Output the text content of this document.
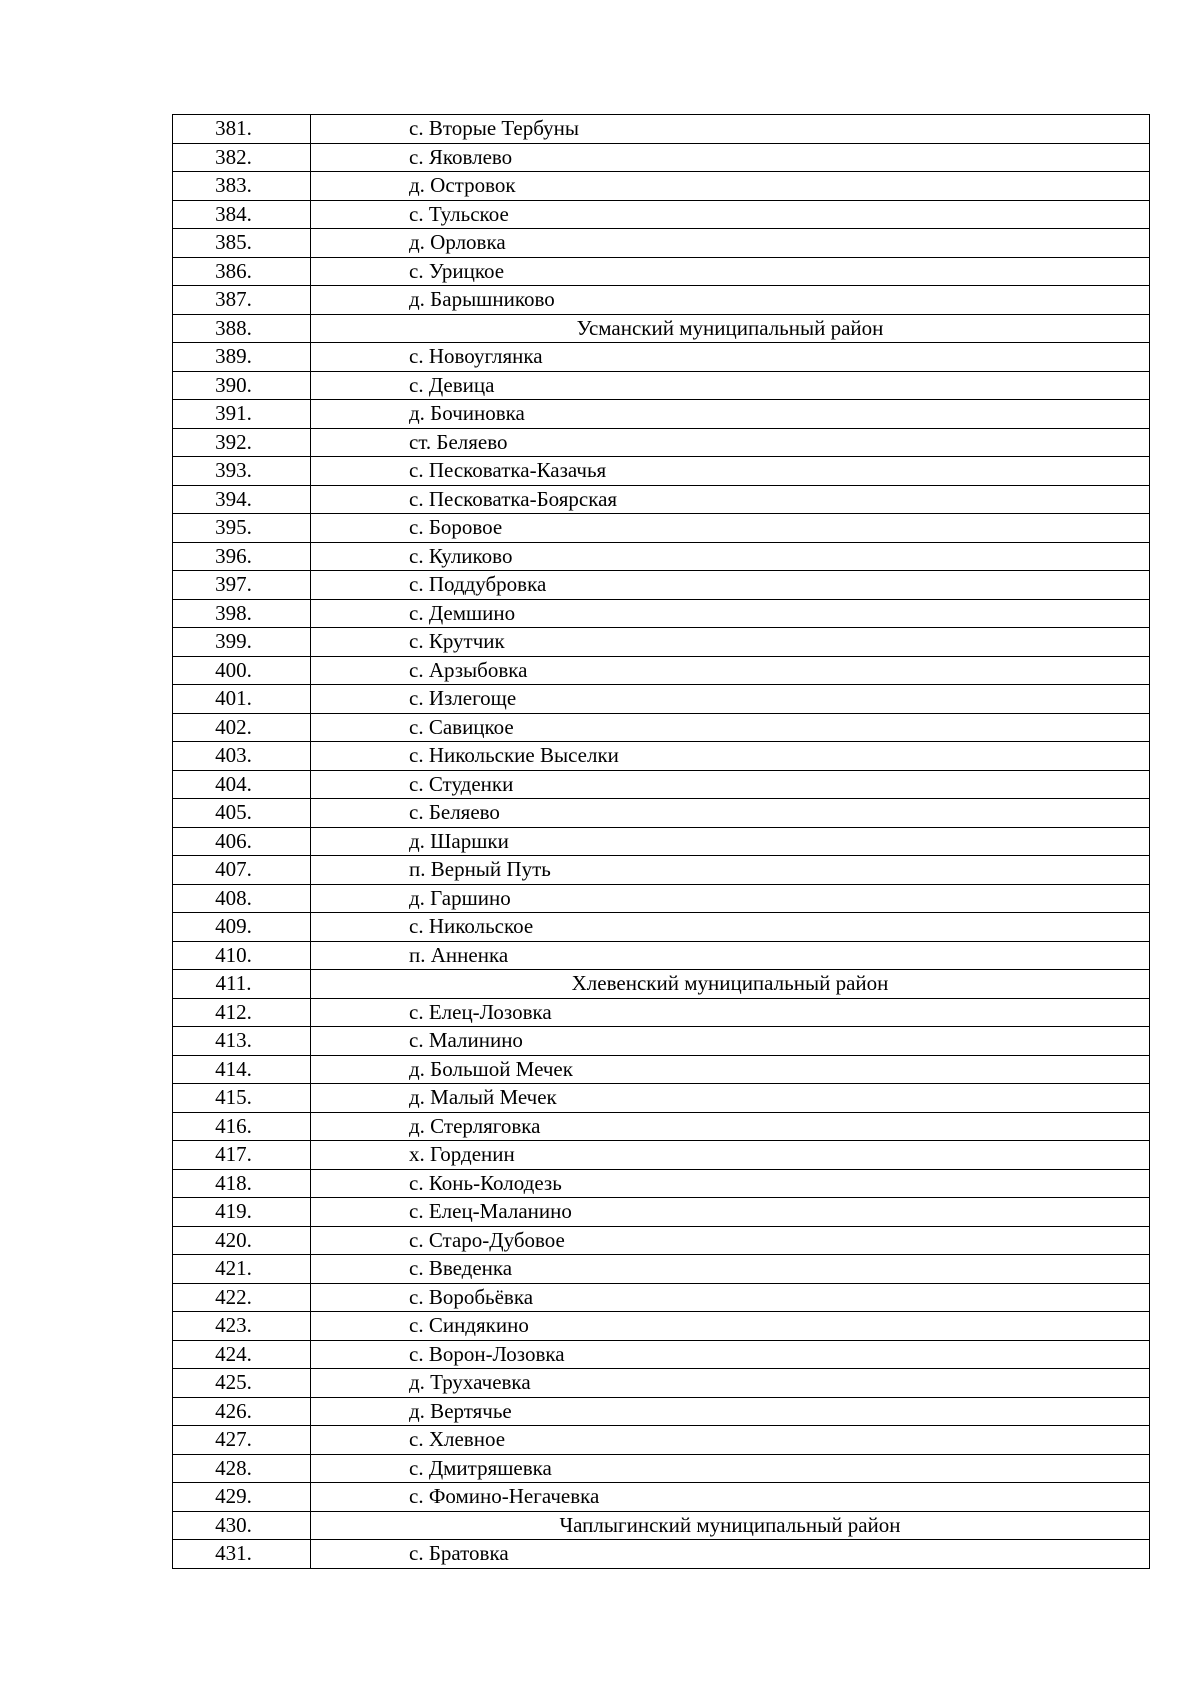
381.	с. Вторые Тербуны
382.	с. Яковлево
383.	д. Островок
384.	с. Тульское
385.	д. Орловка
386.	с. Урицкое
387.	д. Барышниково
388.	Усманский муниципальный район
389.	с. Новоуглянка
390.	с. Девица
391.	д. Бочиновка
392.	ст. Беляево
393.	с. Песковатка-Казачья
394.	с. Песковатка-Боярская
395.	с. Боровое
396.	с. Куликово
397.	с. Поддубровка
398.	с. Демшино
399.	с. Крутчик
400.	с. Арзыбовка
401.	с. Излегоще
402.	с. Савицкое
403.	с. Никольские Выселки
404.	с. Студенки
405.	с. Беляево
406.	д. Шаршки
407.	п. Верный Путь
408.	д. Гаршино
409.	с. Никольское
410.	п. Анненка
411.	Хлевенский муниципальный район
412.	с. Елец-Лозовка
413.	с. Малинино
414.	д. Большой Мечек
415.	д. Малый Мечек
416.	д. Стерляговка
417.	х. Горденин
418.	с. Конь-Колодезь
419.	с. Елец-Маланино
420.	с. Старо-Дубовое
421.	с. Введенка
422.	с. Воробьёвка
423.	с. Синдякино
424.	с. Ворон-Лозовка
425.	д. Трухачевка
426.	д. Вертячье
427.	с. Хлевное
428.	с. Дмитряшевка
429.	с. Фомино-Негачевка
430.	Чаплыгинский муниципальный район
431.	с. Братовка
